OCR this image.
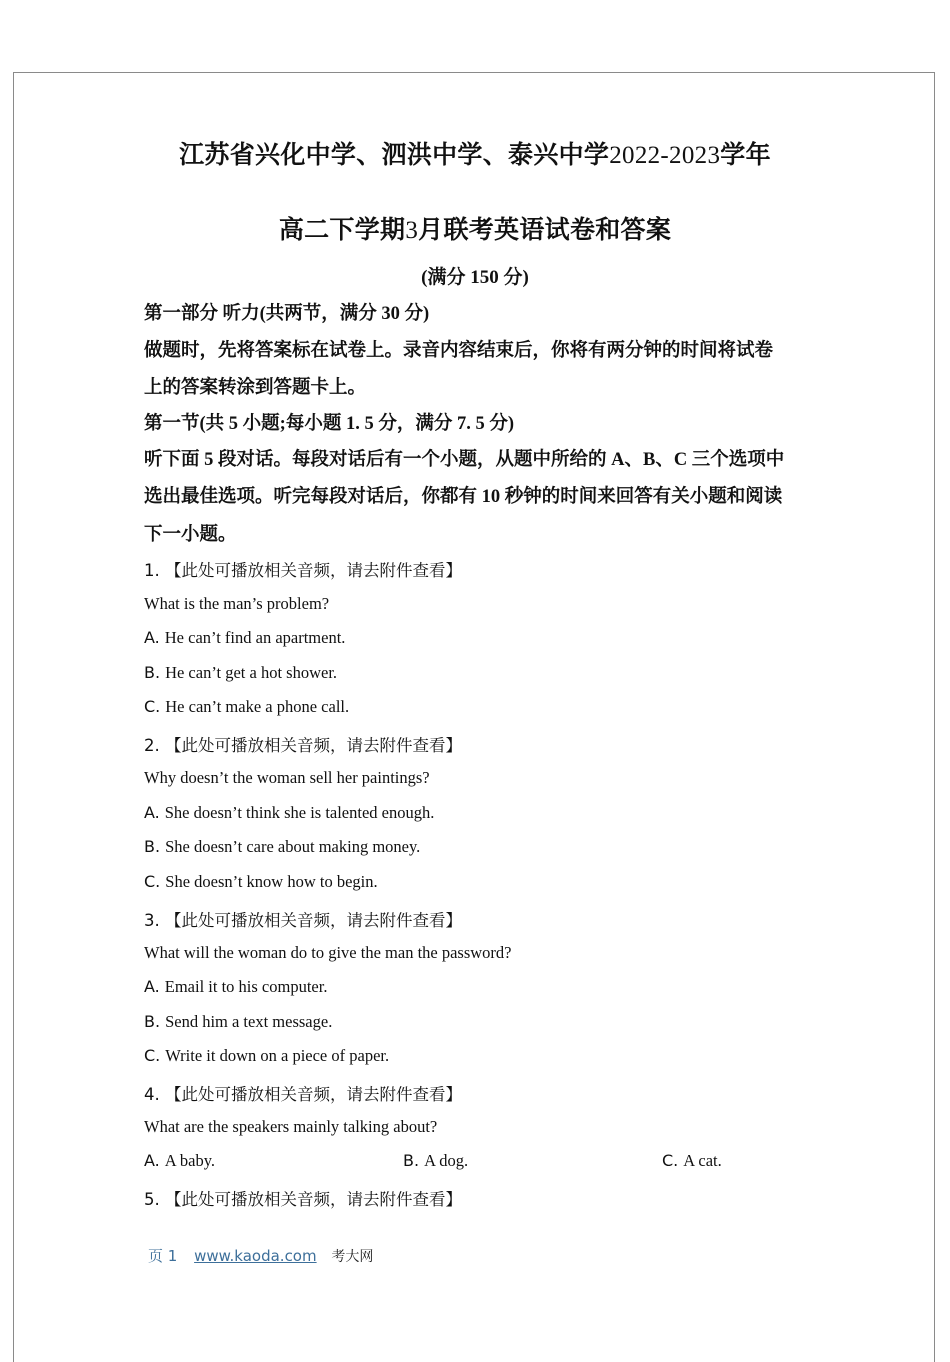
江苏省兴化中学、泗洪中学、泰兴中学2022-2023学年
高二下学期3月联考英语试卷和答案
(满分 150 分)
第一部分 听力(共两节，满分 30 分)
做题时，先将答案标在试卷上。录音内容结束后，你将有两分钟的时间将试卷
上的答案转涂到答题卡上。
第一节(共 5 小题;每小题 1. 5 分，满分 7. 5 分)
听下面 5 段对话。每段对话后有一个小题，从题中所给的 A、B、C 三个选项中
选出最佳选项。听完每段对话后，你都有 10 秒钟的时间来回答有关小题和阅读
下一小题。
1. 【此处可播放相关音频，请去附件查看】
What is the man’s problem?
A. He can’t find an apartment.
B. He can’t get a hot shower.
C. He can’t make a phone call.
2. 【此处可播放相关音频，请去附件查看】
Why doesn’t the woman sell her paintings?
A. She doesn’t think she is talented enough.
B. She doesn’t care about making money.
C. She doesn’t know how to begin.
3. 【此处可播放相关音频，请去附件查看】
What will the woman do to give the man the password?
A. Email it to his computer.
B. Send him a text message.
C. Write it down on a piece of paper.
4. 【此处可播放相关音频，请去附件查看】
What are the speakers mainly talking about?
A. A baby.	B. A dog.	C. A cat.
5. 【此处可播放相关音频，请去附件查看】
页 1 www.kaoda.com 考大网
